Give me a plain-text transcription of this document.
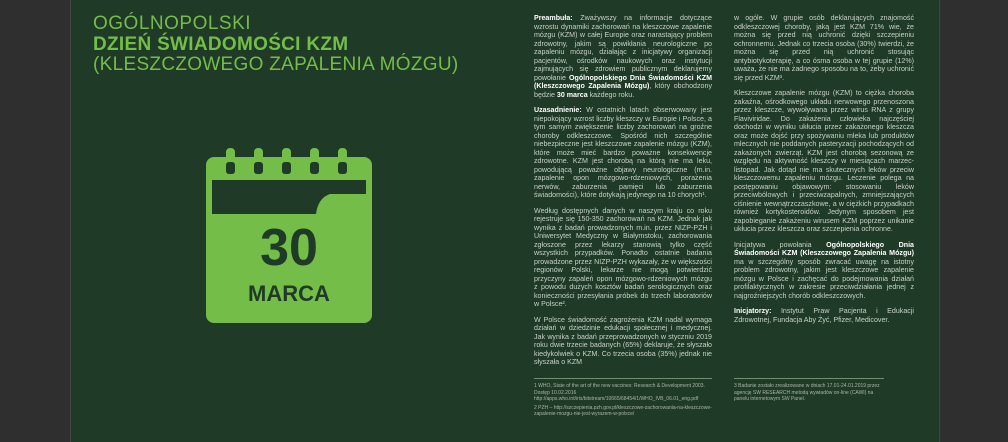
OGÓLNOPOLSKI
DZIEŃ ŚWIADOMOŚCI KZM
(KLESZCZOWEGO ZAPALENIA MÓZGU)
30
MARCA

Preambuła: Zważywszy na informacje dotyczące wzrostu dynamiki zachorowań na kleszczowe zapalenie mózgu (KZM) w całej Europie oraz narastający problem zdrowotny, jakim są powikłania neurologiczne po zapaleniu mózgu, działając z inicjatywy organizacji pacjentów, ośrodków naukowych oraz instytucji zajmujących się zdrowiem publicznym deklarujemy powołanie Ogólnopolskiego Dnia Świadomości KZM (Kleszczowego Zapalenia Mózgu), który obchodzony będzie 30 marca każdego roku.

Uzasadnienie: W ostatnich latach obserwowany jest niepokojący wzrost liczby kleszczy w Europie i Polsce, a tym samym zwiększenie liczby zachorowań na groźne choroby odkleszczowe. Spośród nich szczególnie niebezpieczne jest kleszczowe zapalenie mózgu (KZM), które może mieć bardzo poważne konsekwencje zdrowotne. KZM jest chorobą na którą nie ma leku, powodującą poważne objawy neurologiczne (m.in. zapalenie opon mózgowo-rdzeniowych, porażenia nerwów, zaburzenia pamięci lub zaburzenia świadomości), które dotykają jedynego na 10 chorych¹.

Według dostępnych danych w naszym kraju co roku rejestruje się 150-350 zachorowań na KZM. Jednak jak wynika z badań prowadzonych m.in. przez NIZP-PZH i Uniwersytet Medyczny w Białymstoku, zachorowania zgłoszone przez lekarzy stanowią tylko część wszystkich przypadków. Ponadto ostatnie badania prowadzone przez NIZP-PZH wykazały, że w większości regionów Polski, lekarze nie mogą potwierdzić przyczyny zapaleń opon mózgowo-rdzeniowych mózgu z powodu dużych kosztów badań serologicznych oraz konieczności przesyłania próbek do trzech laboratoriów w Polsce².

W Polsce świadomość zagrożenia KZM nadal wymaga działań w dziedzinie edukacji społecznej i medycznej. Jak wynika z badań przeprowadzonych w styczniu 2019 roku dwie trzecie badanych (65%) deklaruje, że słyszało kiedykolwiek o KZM. Co trzecia osoba (35%) jednak nie słyszała o KZM

w ogóle. W grupie osób deklarujących znajomość odkleszczowej choroby, jaką jest KZM 71% wie, że można się przed nią uchronić dzięki szczepieniu ochronnemu. Jednak co trzecia osoba (30%) twierdzi, że można się przed nią uchronić stosując antybiotykoterapię, a co ósma osoba w tej grupie (12%) uważa, że nie ma żadnego sposobu na to, żeby uchronić się przed KZM³.

Kleszczowe zapalenie mózgu (KZM) to ciężka choroba zakaźna, ośrodkowego układu nerwowego przenoszona przez kleszcze, wywoływana przez wirus RNA z grupy Flaviviridae. Do zakażenia człowieka najczęściej dochodzi w wyniku ukłucia przez zakażonego kleszcza oraz może dojść przy spożywaniu mleka lub produktów mlecznych nie poddanych pasteryzacji pochodzących od zakażonych zwierząt. KZM jest chorobą sezonową ze względu na aktywność kleszczy w miesiącach marzec-listopad. Jak dotąd nie ma skutecznych leków przeciw kleszczowemu zapaleniu mózgu. Leczenie polega na postępowaniu objawowym: stosowaniu leków przeciwbólowych i przeciwzapalnych, zmniejszających ciśnienie wewnątrzczaszkowe, a w ciężkich przypadkach również kortykosteroidów. Jedynym sposobem jest zapobieganie zakażeniu wirusem KZM poprzez unikanie ukłucia przez kleszcza oraz szczepienia ochronne.

Inicjatywa powołania Ogólnopolskiego Dnia Świadomości KZM (Kleszczowego Zapalenia Mózgu) ma w szczególny sposób zwracać uwagę na istotny problem zdrowotny, jakim jest kleszczowe zapalenie mózgu w Polsce i zachęcać do podejmowania działań profilaktycznych w zakresie przeciwdziałania jednej z najgroźniejszych chorób odkleszczowych.

Inicjatorzy: Instytut Praw Pacjenta i Edukacji Zdrowotnej, Fundacja Aby Żyć, Pfizer, Medicover.

1 WHO, State of the art of the new vaccines: Research & Development 2003. Dostęp 10.02.2016 http://apps.who.int/iris/bitstream/10665/68454/1/WHO_IVB_06.01_eng.pdf
2 PZH – http://szczepienia.pzh.gov.pl/kleszczowe-zachorowania-na-kleszczowe-zapalenie-mozgu-nie-jest-wyrazem-w-polsce/
3 Badanie zostało zrealizowane w dniach 17.01-24.01.2019 przez agencję SW RESEARCH metodą wywiadów on-line (CAWI) na panelu internetowym SW Panel.
